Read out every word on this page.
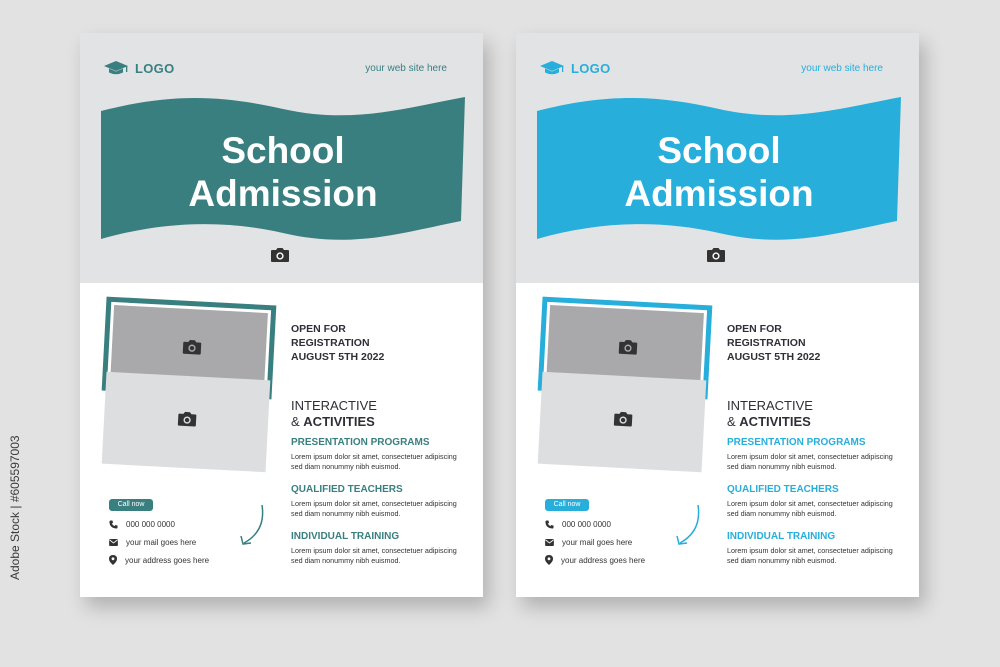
Adobe Stock | #605597003
LOGO	your web site here
School
Admission
OPEN FOR
REGISTRATION
AUGUST 5TH 2022
INTERACTIVE
& ACTIVITIES
PRESENTATION PROGRAMS
Lorem ipsum dolor sit amet, consectetuer adipiscing
sed diam nonummy nibh euismod.
QUALIFIED TEACHERS
Lorem ipsum dolor sit amet, consectetuer adipiscing
sed diam nonummy nibh euismod.
INDIVIDUAL TRAINING
Lorem ipsum dolor sit amet, consectetuer adipiscing
sed diam nonummy nibh euismod.
Call now
000 000 0000
your mail goes here
your address goes here
LOGO	your web site here
School
Admission
OPEN FOR
REGISTRATION
AUGUST 5TH 2022
INTERACTIVE
& ACTIVITIES
PRESENTATION PROGRAMS
Lorem ipsum dolor sit amet, consectetuer adipiscing
sed diam nonummy nibh euismod.
QUALIFIED TEACHERS
Lorem ipsum dolor sit amet, consectetuer adipiscing
sed diam nonummy nibh euismod.
INDIVIDUAL TRAINING
Lorem ipsum dolor sit amet, consectetuer adipiscing
sed diam nonummy nibh euismod.
Call now
000 000 0000
your mail goes here
your address goes here
